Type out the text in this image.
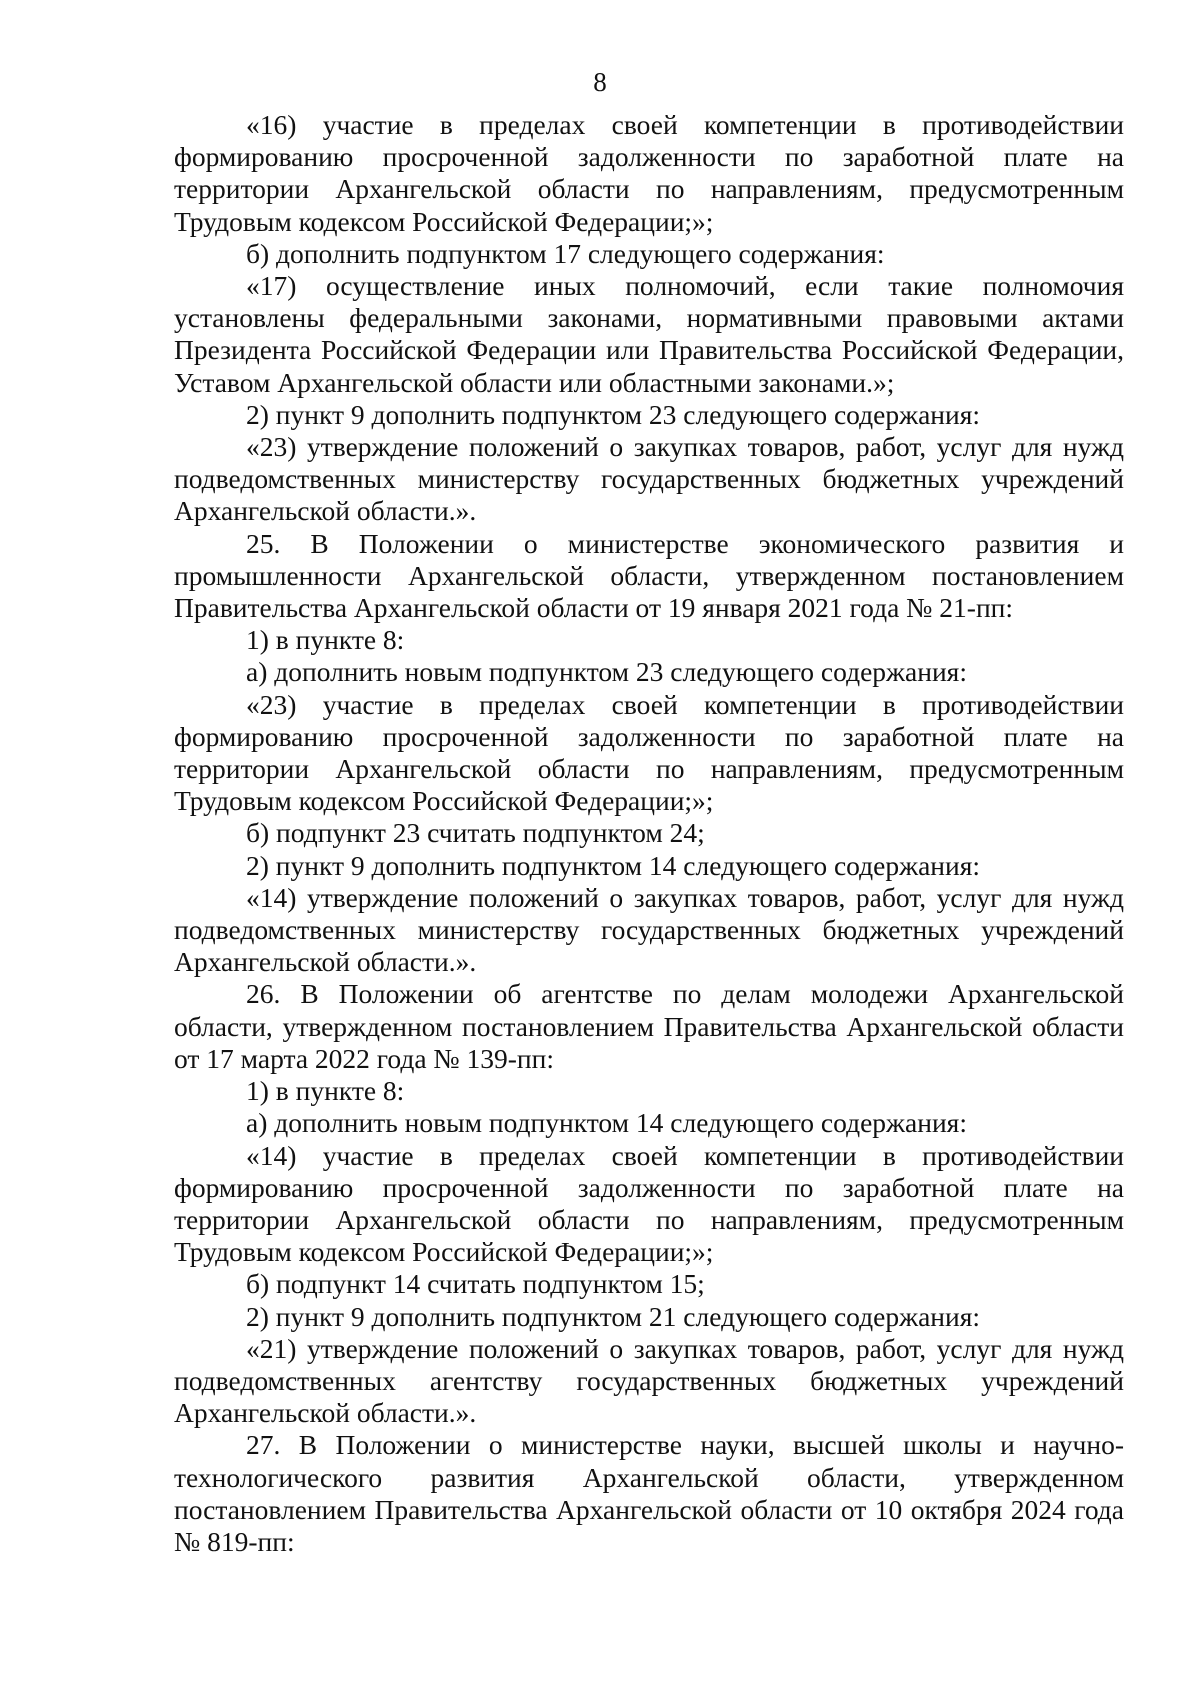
8

«16) участие в пределах своей компетенции в противодействии формированию просроченной задолженности по заработной плате на территории Архангельской области по направлениям, предусмотренным Трудовым кодексом Российской Федерации;»;

б) дополнить подпунктом 17 следующего содержания:

«17) осуществление иных полномочий, если такие полномочия установлены федеральными законами, нормативными правовыми актами Президента Российской Федерации или Правительства Российской Федерации, Уставом Архангельской области или областными законами.»;

2) пункт 9 дополнить подпунктом 23 следующего содержания:

«23) утверждение положений о закупках товаров, работ, услуг для нужд подведомственных министерству государственных бюджетных учреждений Архангельской области.».

25. В Положении о министерстве экономического развития и промышленности Архангельской области, утвержденном постановлением Правительства Архангельской области от 19 января 2021 года № 21-пп:

1) в пункте 8:

а) дополнить новым подпунктом 23 следующего содержания:

«23) участие в пределах своей компетенции в противодействии формированию просроченной задолженности по заработной плате на территории Архангельской области по направлениям, предусмотренным Трудовым кодексом Российской Федерации;»;

б) подпункт 23 считать подпунктом 24;

2) пункт 9 дополнить подпунктом 14 следующего содержания:

«14) утверждение положений о закупках товаров, работ, услуг для нужд подведомственных министерству государственных бюджетных учреждений Архангельской области.».

26. В Положении об агентстве по делам молодежи Архангельской области, утвержденном постановлением Правительства Архангельской области от 17 марта 2022 года № 139-пп:

1) в пункте 8:

а) дополнить новым подпунктом 14 следующего содержания:

«14) участие в пределах своей компетенции в противодействии формированию просроченной задолженности по заработной плате на территории Архангельской области по направлениям, предусмотренным Трудовым кодексом Российской Федерации;»;

б) подпункт 14 считать подпунктом 15;

2) пункт 9 дополнить подпунктом 21 следующего содержания:

«21) утверждение положений о закупках товаров, работ, услуг для нужд подведомственных агентству государственных бюджетных учреждений Архангельской области.».

27. В Положении о министерстве науки, высшей школы и научно-технологического развития Архангельской области, утвержденном постановлением Правительства Архангельской области от 10 октября 2024 года № 819-пп:
